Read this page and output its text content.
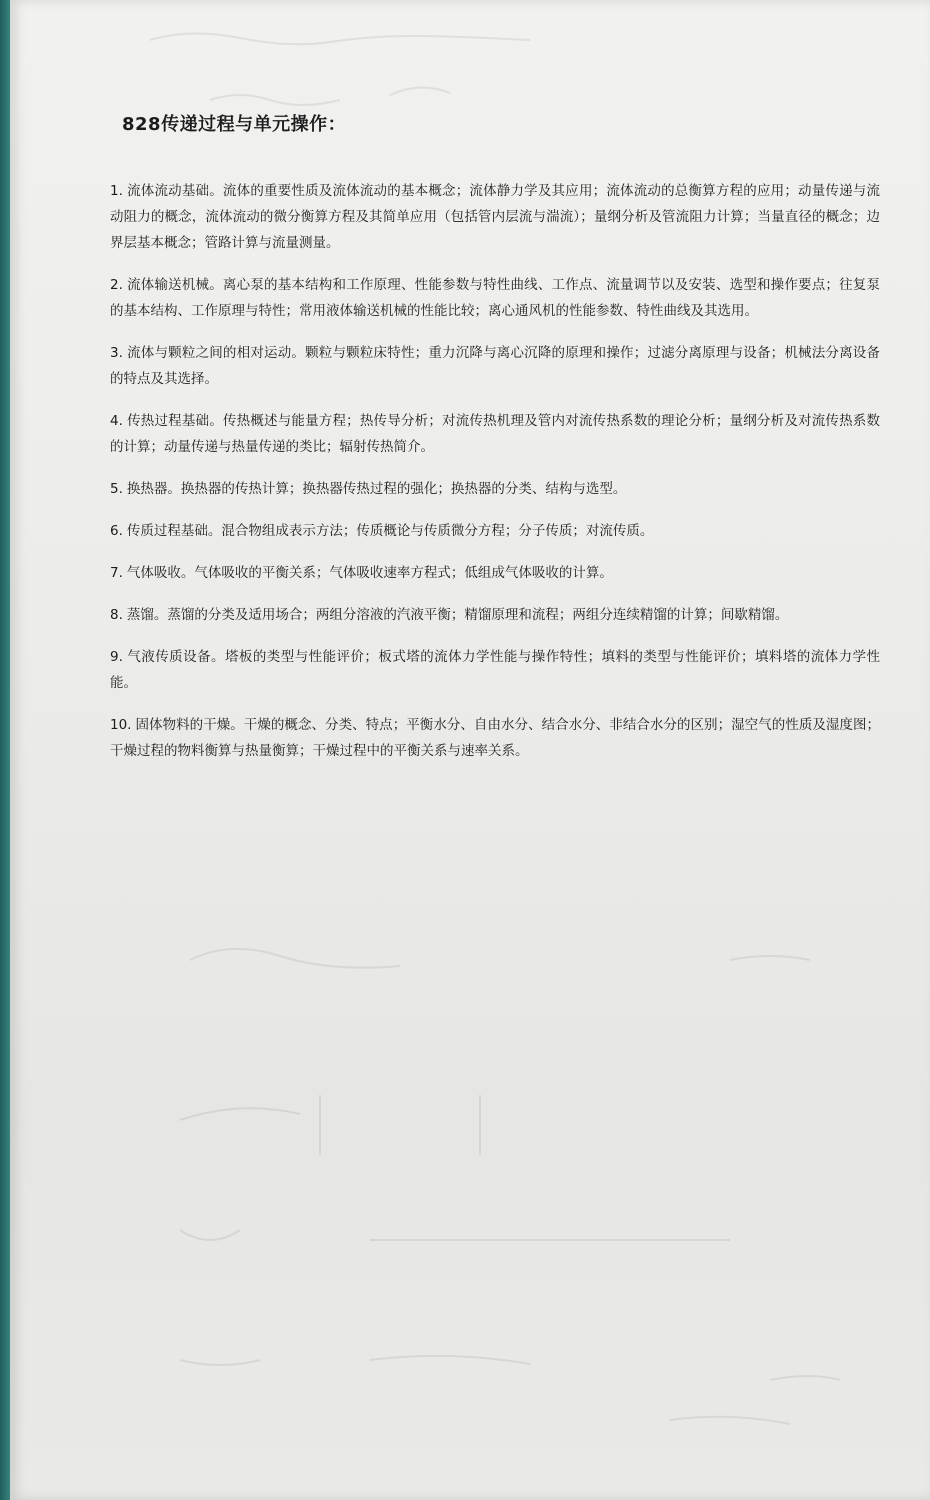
828传递过程与单元操作：

1. 流体流动基础。流体的重要性质及流体流动的基本概念；流体静力学及其应用；流体流动的总衡算方程的应用；动量传递与流动阻力的概念，流体流动的微分衡算方程及其简单应用（包括管内层流与湍流）；量纲分析及管流阻力计算；当量直径的概念；边界层基本概念；管路计算与流量测量。

2. 流体输送机械。离心泵的基本结构和工作原理、性能参数与特性曲线、工作点、流量调节以及安装、选型和操作要点；往复泵的基本结构、工作原理与特性；常用液体输送机械的性能比较；离心通风机的性能参数、特性曲线及其选用。

3. 流体与颗粒之间的相对运动。颗粒与颗粒床特性；重力沉降与离心沉降的原理和操作；过滤分离原理与设备；机械法分离设备的特点及其选择。

4. 传热过程基础。传热概述与能量方程；热传导分析；对流传热机理及管内对流传热系数的理论分析；量纲分析及对流传热系数的计算；动量传递与热量传递的类比；辐射传热简介。

5. 换热器。换热器的传热计算；换热器传热过程的强化；换热器的分类、结构与选型。

6. 传质过程基础。混合物组成表示方法；传质概论与传质微分方程；分子传质；对流传质。

7. 气体吸收。气体吸收的平衡关系；气体吸收速率方程式；低组成气体吸收的计算。

8. 蒸馏。蒸馏的分类及适用场合；两组分溶液的汽液平衡；精馏原理和流程；两组分连续精馏的计算；间歇精馏。

9. 气液传质设备。塔板的类型与性能评价；板式塔的流体力学性能与操作特性；填料的类型与性能评价；填料塔的流体力学性能。

10. 固体物料的干燥。干燥的概念、分类、特点；平衡水分、自由水分、结合水分、非结合水分的区别；湿空气的性质及湿度图；干燥过程的物料衡算与热量衡算；干燥过程中的平衡关系与速率关系。
